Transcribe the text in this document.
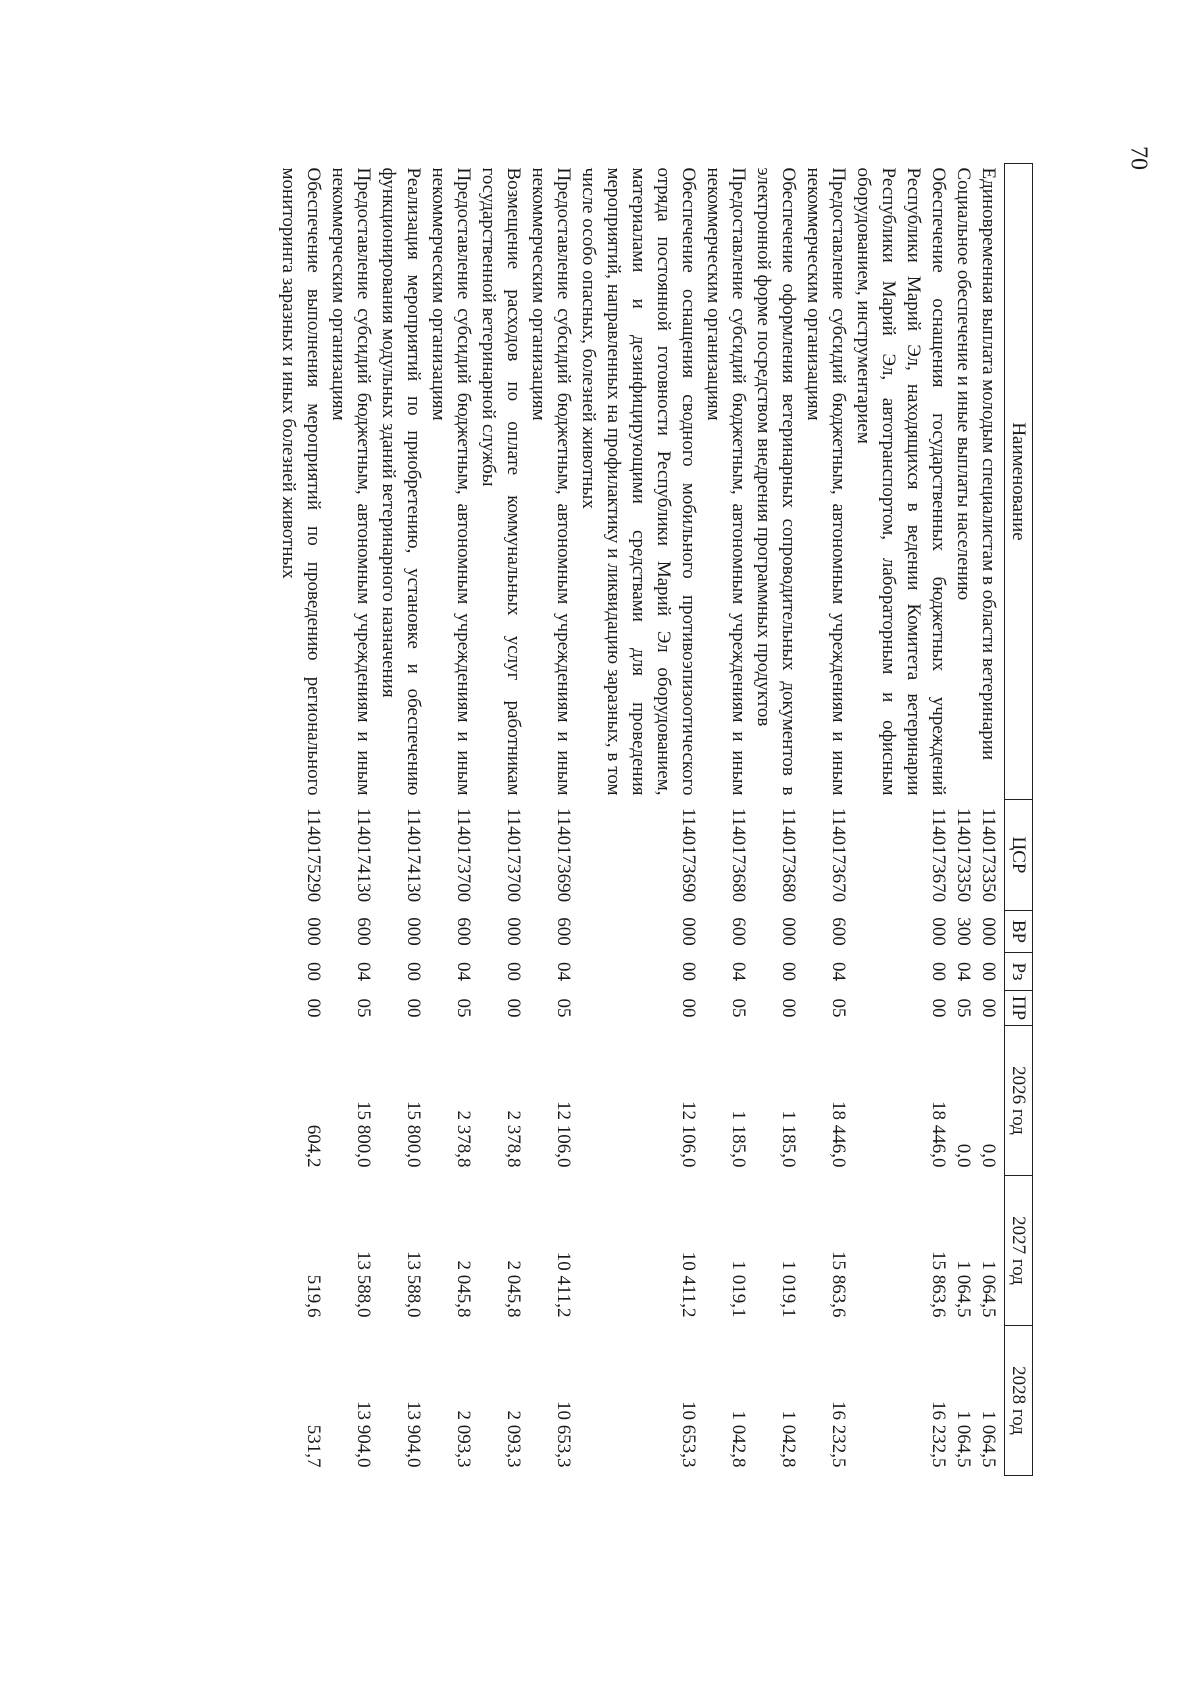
70
Наименование	ЦСР	ВР	Рз	ПР	2026 год	2027 год	2028 год
Единовременная выплата молодым специалистам в области ветеринарии	1140173350	000	00	00	0,0	1 064,5	1 064,5
Социальное обеспечение и иные выплаты населению	1140173350	300	04	05	0,0	1 064,5	1 064,5
Обеспечение оснащения государственных бюджетных учреждений Республики Марий Эл, находящихся в ведении Комитета ветеринарии Республики Марий Эл, автотранспортом, лабораторным и офисным оборудованием, инструментарием	1140173670	000	00	00	18 446,0	15 863,6	16 232,5
Предоставление субсидий бюджетным, автономным учреждениям и иным некоммерческим организациям	1140173670	600	04	05	18 446,0	15 863,6	16 232,5
Обеспечение оформления ветеринарных сопроводительных документов в электронной форме посредством внедрения программных продуктов	1140173680	000	00	00	1 185,0	1 019,1	1 042,8
Предоставление субсидий бюджетным, автономным учреждениям и иным некоммерческим организациям	1140173680	600	04	05	1 185,0	1 019,1	1 042,8
Обеспечение оснащения сводного мобильного противоэпизоотического отряда постоянной готовности Республики Марий Эл оборудованием, материалами и дезинфицирующими средствами для проведения мероприятий, направленных на профилактику и ликвидацию заразных, в том числе особо опасных, болезней животных	1140173690	000	00	00	12 106,0	10 411,2	10 653,3
Предоставление субсидий бюджетным, автономным учреждениям и иным некоммерческим организациям	1140173690	600	04	05	12 106,0	10 411,2	10 653,3
Возмещение расходов по оплате коммунальных услуг работникам государственной ветеринарной службы	1140173700	000	00	00	2 378,8	2 045,8	2 093,3
Предоставление субсидий бюджетным, автономным учреждениям и иным некоммерческим организациям	1140173700	600	04	05	2 378,8	2 045,8	2 093,3
Реализация мероприятий по приобретению, установке и обеспечению функционирования модульных зданий ветеринарного назначения	1140174130	000	00	00	15 800,0	13 588,0	13 904,0
Предоставление субсидий бюджетным, автономным учреждениям и иным некоммерческим организациям	1140174130	600	04	05	15 800,0	13 588,0	13 904,0
Обеспечение выполнения мероприятий по проведению регионального мониторинга заразных и иных болезней животных	1140175290	000	00	00	604,2	519,6	531,7
